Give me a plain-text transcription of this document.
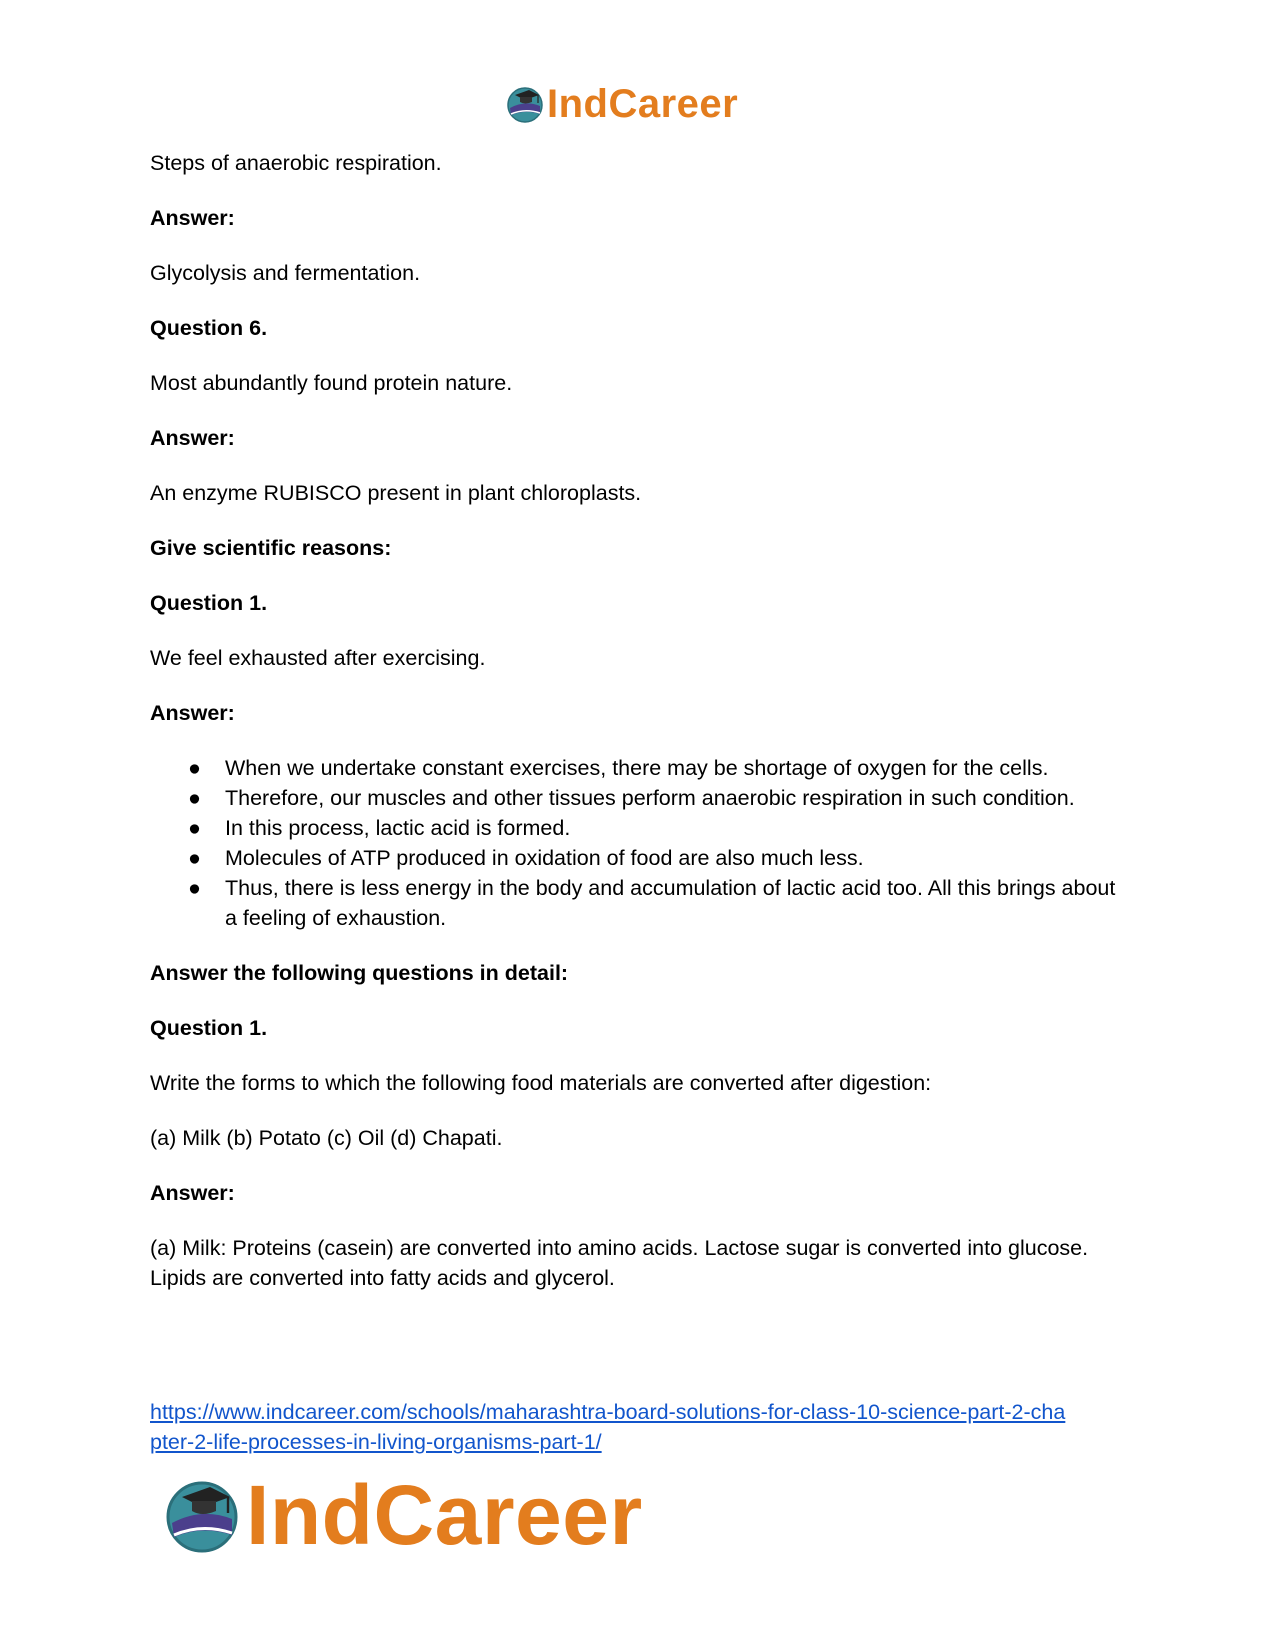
IndCareer
Steps of anaerobic respiration.
Answer:
Glycolysis and fermentation.
Question 6.
Most abundantly found protein nature.
Answer:
An enzyme RUBISCO present in plant chloroplasts.
Give scientific reasons:
Question 1.
We feel exhausted after exercising.
Answer:
● When we undertake constant exercises, there may be shortage of oxygen for the cells.
● Therefore, our muscles and other tissues perform anaerobic respiration in such condition.
● In this process, lactic acid is formed.
● Molecules of ATP produced in oxidation of food are also much less.
● Thus, there is less energy in the body and accumulation of lactic acid too. All this brings about a feeling of exhaustion.
Answer the following questions in detail:
Question 1.
Write the forms to which the following food materials are converted after digestion:
(a) Milk (b) Potato (c) Oil (d) Chapati.
Answer:
(a) Milk: Proteins (casein) are converted into amino acids. Lactose sugar is converted into glucose. Lipids are converted into fatty acids and glycerol.
https://www.indcareer.com/schools/maharashtra-board-solutions-for-class-10-science-part-2-cha
pter-2-life-processes-in-living-organisms-part-1/
IndCareer
